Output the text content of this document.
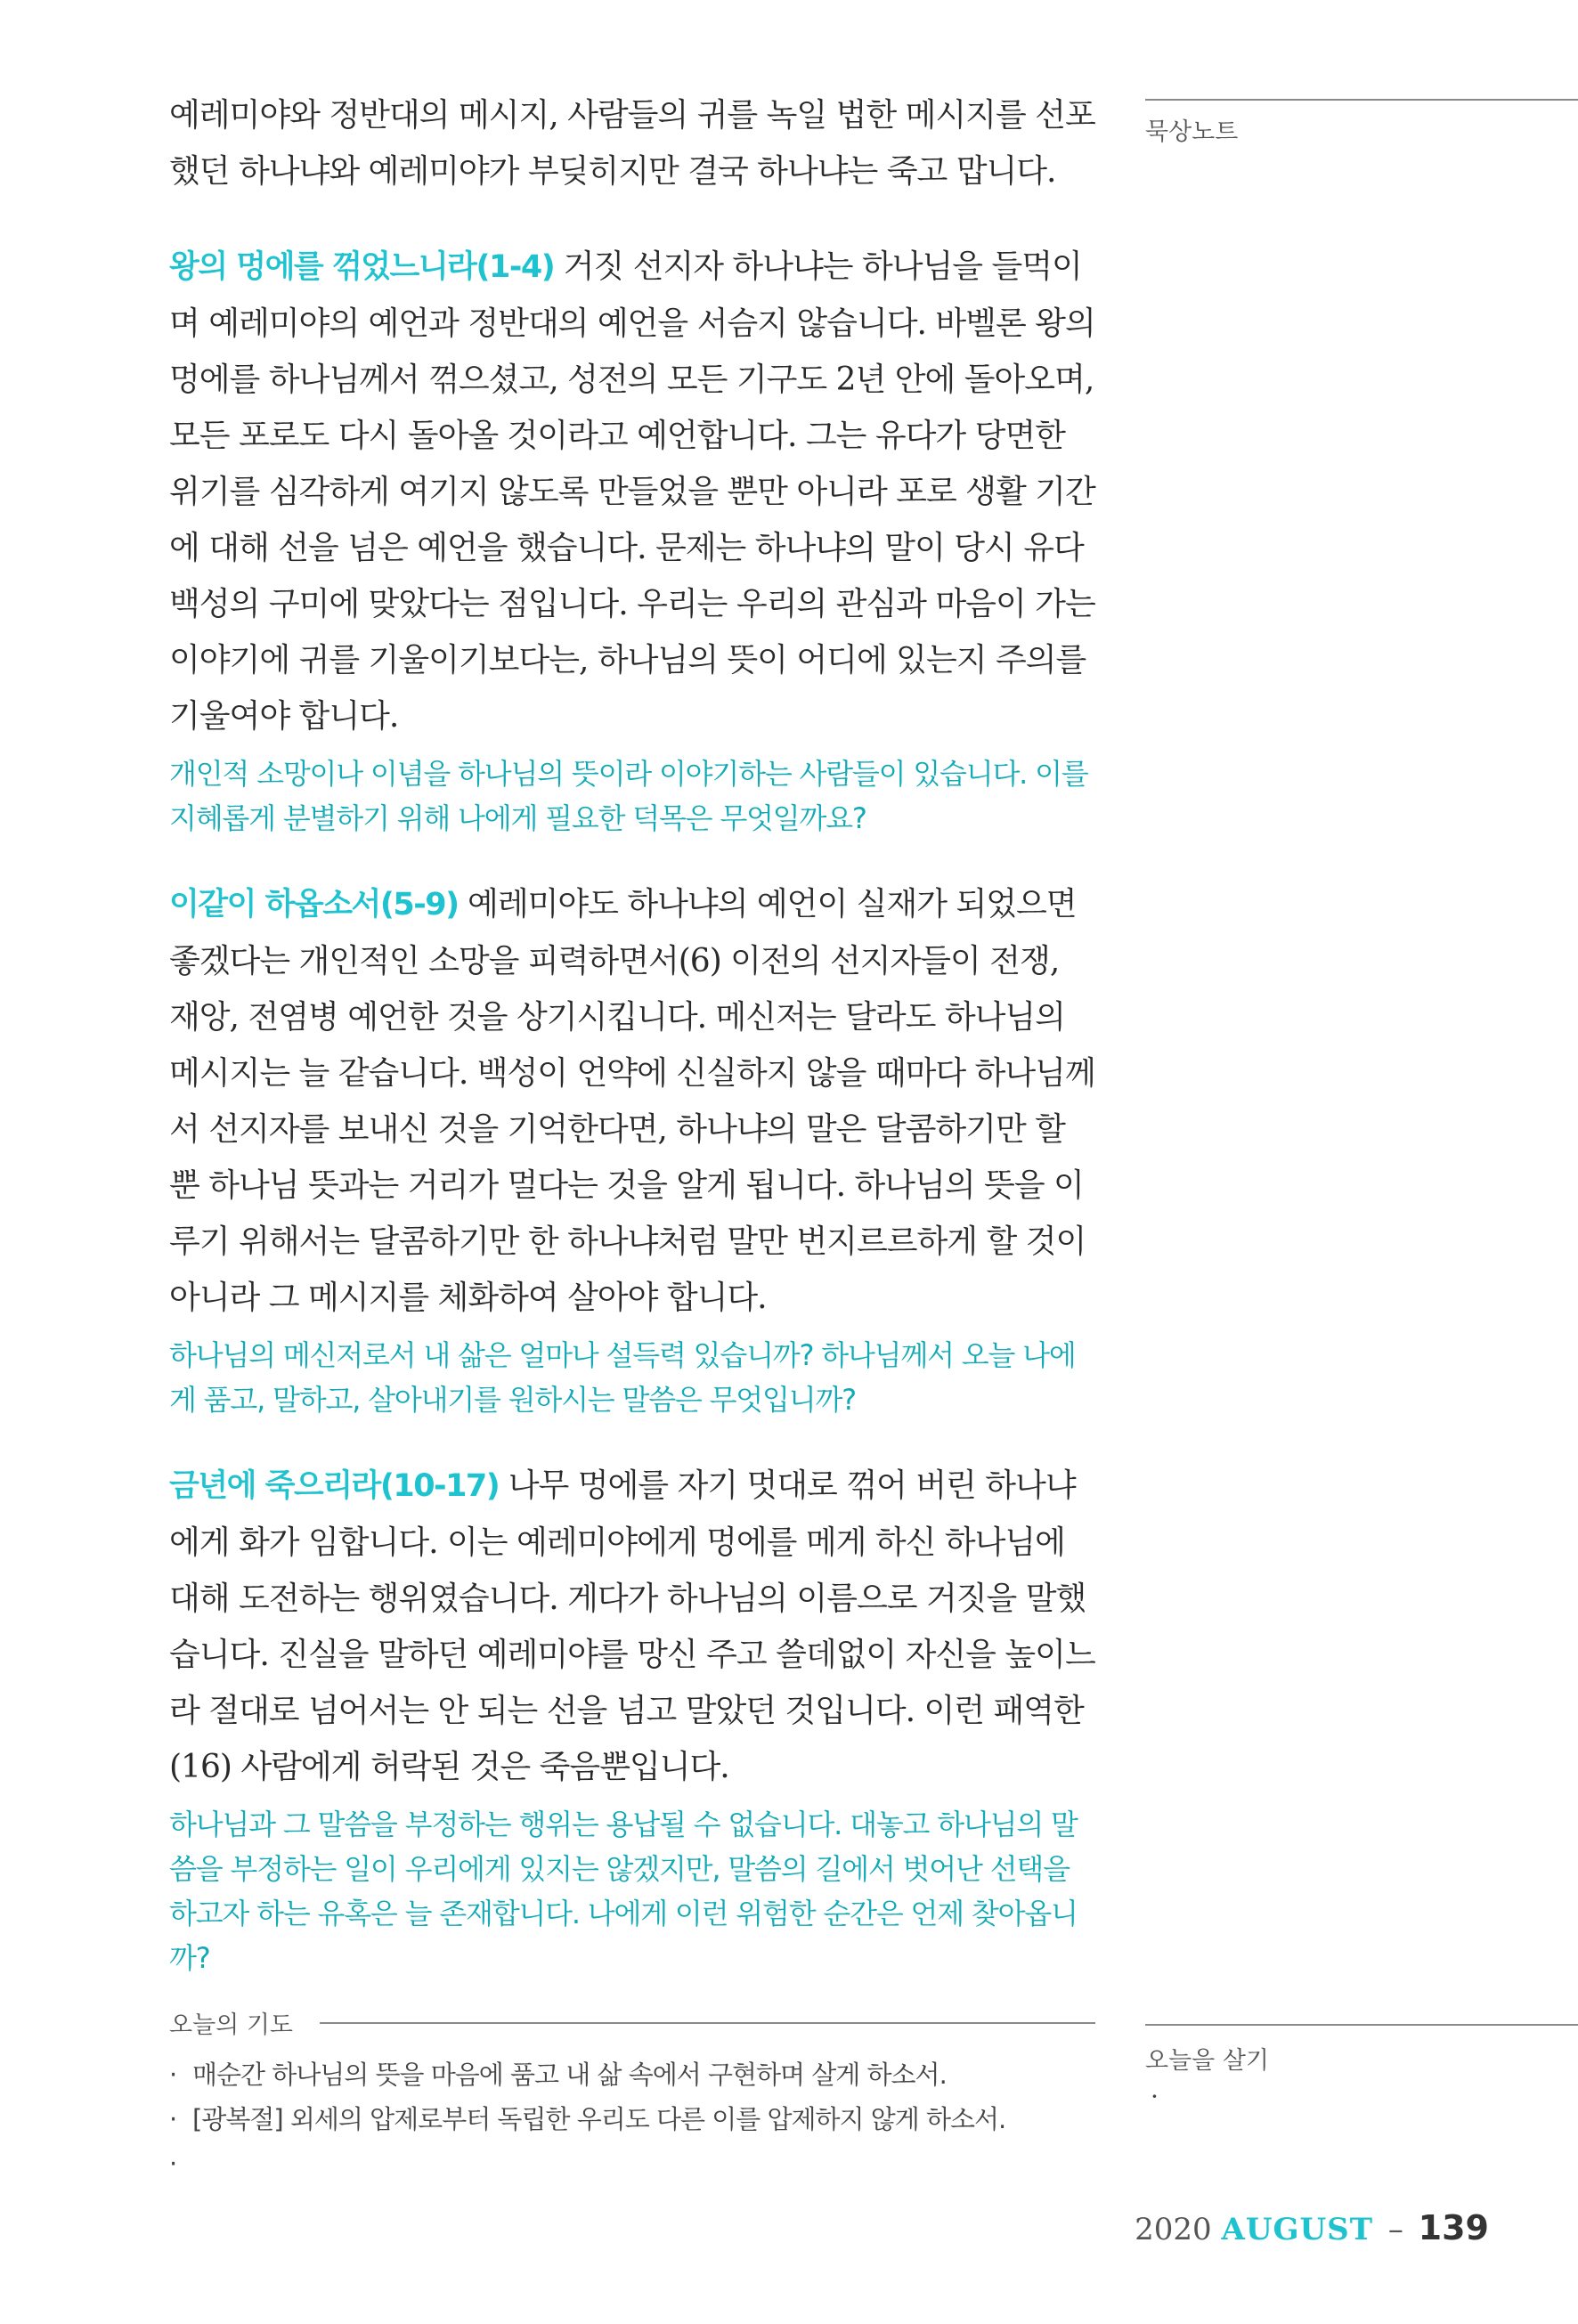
묵상노트

예레미야와 정반대의 메시지, 사람들의 귀를 녹일 법한 메시지를 선포했던 하나냐와 예레미야가 부딪히지만 결국 하나냐는 죽고 맙니다.

왕의 멍에를 꺾었느니라(1-4) 거짓 선지자 하나냐는 하나님을 들먹이며 예레미야의 예언과 정반대의 예언을 서슴지 않습니다. 바벨론 왕의 멍에를 하나님께서 꺾으셨고, 성전의 모든 기구도 2년 안에 돌아오며, 모든 포로도 다시 돌아올 것이라고 예언합니다. 그는 유다가 당면한 위기를 심각하게 여기지 않도록 만들었을 뿐만 아니라 포로 생활 기간에 대해 선을 넘은 예언을 했습니다. 문제는 하나냐의 말이 당시 유다 백성의 구미에 맞았다는 점입니다. 우리는 우리의 관심과 마음이 가는 이야기에 귀를 기울이기보다는, 하나님의 뜻이 어디에 있는지 주의를 기울여야 합니다.

개인적 소망이나 이념을 하나님의 뜻이라 이야기하는 사람들이 있습니다. 이를 지혜롭게 분별하기 위해 나에게 필요한 덕목은 무엇일까요?

이같이 하옵소서(5-9) 예레미야도 하나냐의 예언이 실재가 되었으면 좋겠다는 개인적인 소망을 피력하면서(6) 이전의 선지자들이 전쟁, 재앙, 전염병 예언한 것을 상기시킵니다. 메신저는 달라도 하나님의 메시지는 늘 같습니다. 백성이 언약에 신실하지 않을 때마다 하나님께서 선지자를 보내신 것을 기억한다면, 하나냐의 말은 달콤하기만 할 뿐 하나님 뜻과는 거리가 멀다는 것을 알게 됩니다. 하나님의 뜻을 이루기 위해서는 달콤하기만 한 하나냐처럼 말만 번지르르하게 할 것이 아니라 그 메시지를 체화하여 살아야 합니다.

하나님의 메신저로서 내 삶은 얼마나 설득력 있습니까? 하나님께서 오늘 나에게 품고, 말하고, 살아내기를 원하시는 말씀은 무엇입니까?

금년에 죽으리라(10-17) 나무 멍에를 자기 멋대로 꺾어 버린 하나냐에게 화가 임합니다. 이는 예레미야에게 멍에를 메게 하신 하나님에 대해 도전하는 행위였습니다. 게다가 하나님의 이름으로 거짓을 말했습니다. 진실을 말하던 예레미야를 망신 주고 쓸데없이 자신을 높이느라 절대로 넘어서는 안 되는 선을 넘고 말았던 것입니다. 이런 패역한(16) 사람에게 허락된 것은 죽음뿐입니다.

하나님과 그 말씀을 부정하는 행위는 용납될 수 없습니다. 대놓고 하나님의 말씀을 부정하는 일이 우리에게 있지는 않겠지만, 말씀의 길에서 벗어난 선택을 하고자 하는 유혹은 늘 존재합니다. 나에게 이런 위험한 순간은 언제 찾아옵니까?

오늘의 기도
· 매순간 하나님의 뜻을 마음에 품고 내 삶 속에서 구현하며 살게 하소서.
· [광복절] 외세의 압제로부터 독립한 우리도 다른 이를 압제하지 않게 하소서.
·
오늘을 살기
·
2020 AUGUST – 139
